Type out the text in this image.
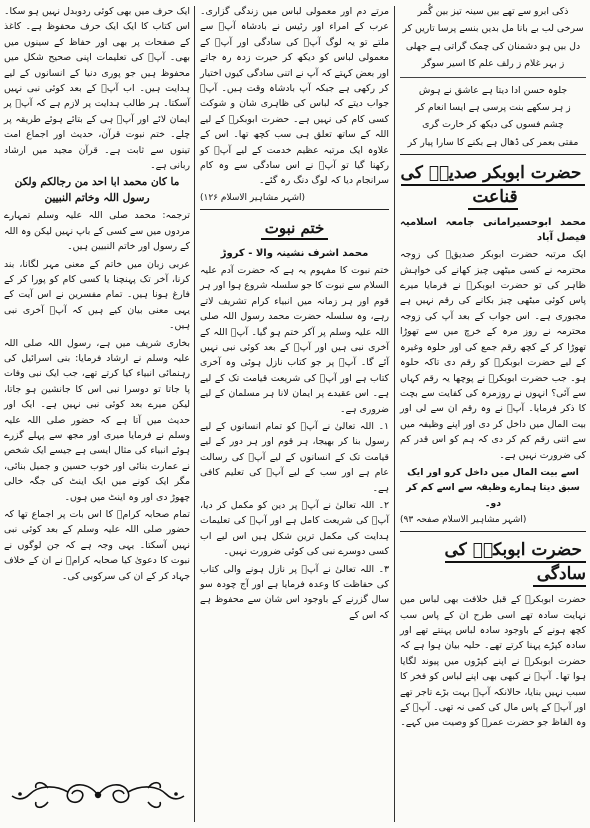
ذکی ابرو سے تھے بیں سینہ تیز بین گُمر

سرخی لب بے بانا مل بدیں بنسے پرسا تاریں کر

دل بیں ہو دشمنان کی چمک گراتی ہے جھلی

ز بہر غلام ز رلف علم کا اسیر سوگر

جلوہ حسن ادا دیتا ہے عاشق نے ہوش

ز ہر سکھے بنت پرسی ہے ایسا انعام کر

چشم فسوں کی دیکھ کر خارت گری

مفتی بعمر کی ڈھال ہے بکنے کا سارا پیار کر

حضرت ابوبکر صدیقؓ کی قناعت

محمد ابوحسیرامانی جامعہ اسلامیہ فیصل آباد

ایک مرتبہ حضرت ابوبکر صدیقؓ کی زوجہ محترمہ نے کسی میٹھی چیز کھانے کی خواہش ظاہر کی تو حضرت ابوبکرؓ نے فرمایا میرے پاس کوئی میٹھی چیز بکانے کی رقم نہیں ہے مجبوری ہے۔ اس جواب کے بعد آپ کی زوجہ محترمہ نے روز مرہ کے خرچ میں سے تھوڑا تھوڑا کر کے کچھ رقم جمع کی اور حلوہ وغیرہ کے لیے حضرت ابوبکرؓ کو رقم دی تاکہ حلوہ ہو۔ جب حضرت ابوبکرؓ نے پوچھا یہ رقم کہاں سے آئی؟ انہوں نے روزمرہ کی کفایت سے بچت کا ذکر فرمایا۔ آپؓ نے وہ رقم ان سے لی اور بیت المال میں داخل کر دی اور اپنے وظیفہ میں سے اتنی رقم کم کر دی کہ ہم کو اس قدر کم کی ضرورت نہیں ہے۔

اسے بیت المال میں داخل کرو اور ایک سبق دیتا ہمارے وظیفہ سے اسے کم کر دو۔

(اشہر مشاہیر الاسلام صفحہ ۹۳)

حضرت ابوبکرؓ کی سادگی

حضرت ابوبکرؓ کے قبل خلافت بھی لباس میں نہایت سادہ تھے اسی طرح ان کے پاس سب کچھ ہونے کے باوجود سادہ لباس پہنتے تھے اور سادہ کپڑے پہنا کرتے تھے۔ حلیہ بیان ہوا ہے کہ حضرت ابوبکرؓ نے اپنے کپڑوں میں پیوند لگایا ہوا تھا۔ آپؓ نے کبھی بھی اپنے لباس کو فخر کا سبب نہیں بنایا، حالانکہ آپؓ بہت بڑے تاجر تھے اور آپؓ کے پاس مال کی کمی نہ تھی۔ آپؓ کے وہ الفاظ جو حضرت عمرؓ کو وصیت میں کہے۔

مرتے دم اور معمولی لباس میں زندگی گزاری۔ عرب کے امراء اور رئیس نے بادشاہ آپؓ سے ملتے تو یہ لوگ آپؓ کی سادگی اور آپؓ کے معمولی لباس کو دیکھ کر حیرت زدہ رہ جاتے اور بعض کہتے کہ آپ نے اتنی سادگی کیوں اختیار کر رکھی ہے جبکہ آپ بادشاہ وقت ہیں۔ آپؓ جواب دیتے کہ لباس کی ظاہری شان و شوکت کسی کام کی نہیں ہے۔ حضرت ابوبکرؓ کے لیے اللہ کے ساتھ تعلق ہی سب کچھ تھا۔ اس کے علاوہ ایک مرتبہ عظیم خدمت کے لیے آپؓ کو رکھنا گیا تو آپؓ نے اس سادگی سے وہ کام سرانجام دیا کہ لوگ دنگ رہ گئے۔

(اشہر مشاہیر الاسلام ۱۲۶)

ختم نبوت

محمد اشرف نشینہ والا - کروڑ

ختم نبوت کا مفہوم یہ ہے کہ حضرت آدم علیہ السلام سے نبوت کا جو سلسلہ شروع ہوا اور ہر قوم اور ہر زمانہ میں انبیاء کرام تشریف لاتے رہے، وہ سلسلہ حضرت محمد رسول اللہ صلی اللہ علیہ وسلم پر آکر ختم ہو گیا۔ آپؐ اللہ کے آخری نبی ہیں اور آپؐ کے بعد کوئی نبی نہیں آئے گا۔ آپؐ پر جو کتاب نازل ہوئی وہ آخری کتاب ہے اور آپؐ کی شریعت قیامت تک کے لیے ہے۔ اس عقیدے پر ایمان لانا ہر مسلمان کے لیے ضروری ہے۔

۱۔ اللہ تعالیٰ نے آپؐ کو تمام انسانوں کے لیے رسول بنا کر بھیجا، ہر قوم اور ہر دور کے لیے قیامت تک کے انسانوں کے لیے آپؐ کی رسالت عام ہے اور سب کے لیے آپؐ کی تعلیم کافی ہے۔

۲۔ اللہ تعالیٰ نے آپؐ پر دین کو مکمل کر دیا، آپؐ کی شریعت کامل ہے اور آپؐ کی تعلیمات ہدایت کی مکمل ترین شکل ہیں اس لیے اب کسی دوسرے نبی کی کوئی ضرورت نہیں۔

۳۔ اللہ تعالیٰ نے آپؐ پر نازل ہونے والی کتاب کی حفاظت کا وعدہ فرمایا ہے اور آج چودہ سو سال گزرنے کے باوجود اس شان سے محفوظ ہے کہ اس کے

ایک حرف میں بھی کوئی ردوبدل نہیں ہو سکا۔ اس کتاب کا ایک ایک حرف محفوظ ہے۔ کاغذ کے صفحات پر بھی اور حفاظ کے سینوں میں بھی۔ آپؐ کی تعلیمات اپنی صحیح شکل میں محفوظ ہیں جو پوری دنیا کے انسانوں کے لیے ہدایت ہیں۔ اب آپؐ کے بعد کوئی نبی نہیں آسکتا۔ ہر طالب ہدایت پر لازم ہے کہ آپؐ پر ایمان لائے اور آپؐ ہی کے بتائے ہوئے طریقہ پر چلے۔ ختم نبوت قرآن، حدیث اور اجماع امت تینوں سے ثابت ہے۔ قرآن مجید میں ارشاد ربانی ہے۔

ما کان محمد ابا احد من رجالکم ولکن رسول اللہ وخاتم النبیین

ترجمہ: محمد صلی اللہ علیہ وسلم تمہارے مردوں میں سے کسی کے باپ نہیں لیکن وہ اللہ کے رسول اور خاتم النبیین ہیں۔

عربی زبان میں خاتم کے معنی مہر لگانا، بند کرنا، آخر تک پہنچنا یا کسی کام کو پورا کر کے فارغ ہونا ہیں۔ تمام مفسرین نے اس آیت کے یہی معنی بیان کیے ہیں کہ آپؐ آخری نبی ہیں۔

بخاری شریف میں ہے، رسول اللہ صلی اللہ علیہ وسلم نے ارشاد فرمایا: بنی اسرائیل کی رہنمائی انبیاء کیا کرتے تھے، جب ایک نبی وفات پا جاتا تو دوسرا نبی اس کا جانشین ہو جاتا، لیکن میرے بعد کوئی نبی نہیں ہے۔ ایک اور حدیث میں آتا ہے کہ حضور صلی اللہ علیہ وسلم نے فرمایا میری اور مجھ سے پہلے گزرے ہوئے انبیاء کی مثال ایسی ہے جیسے ایک شخص نے عمارت بنائی اور خوب حسین و جمیل بنائی، مگر ایک کونے میں ایک اینٹ کی جگہ خالی چھوڑ دی اور وہ اینٹ میں ہوں۔

تمام صحابہ کرامؓ کا اس بات پر اجماع تھا کہ حضور صلی اللہ علیہ وسلم کے بعد کوئی نبی نہیں آسکتا۔ یہی وجہ ہے کہ جن لوگوں نے نبوت کا دعویٰ کیا صحابہ کرامؓ نے ان کے خلاف جہاد کر کے ان کی سرکوبی کی۔
